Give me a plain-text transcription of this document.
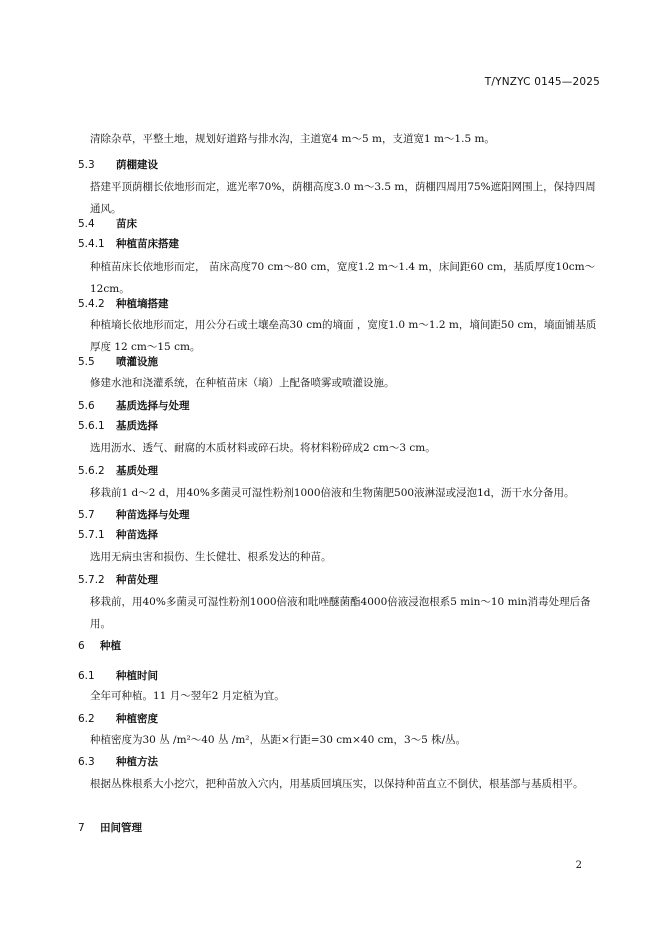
T/YNZYC 0145—2025
清除杂草，平整土地，规划好道路与排水沟，主道宽4 m～5 m，支道宽1 m～1.5 m。
5.3 荫棚建设
搭建平顶荫棚长依地形而定，遮光率70%，荫棚高度3.0 m～3.5 m，荫棚四周用75%遮阳网围上，保持四周通风。
5.4 苗床
5.4.1 种植苗床搭建
种植苗床长依地形而定， 苗床高度70 cm～80 cm，宽度1.2 m～1.4 m，床间距60 cm，基质厚度10cm～12cm。
5.4.2 种植墒搭建
种植墒长依地形而定，用公分石或土壤垒高30 cm的墒面 ，宽度1.0 m～1.2 m，墒间距50 cm，墒面铺基质厚度 12 cm～15 cm。
5.5 喷灌设施
修建水池和浇灌系统，在种植苗床（墒）上配备喷雾或喷灌设施。
5.6 基质选择与处理
5.6.1 基质选择
选用沥水、透气、耐腐的木质材料或碎石块。将材料粉碎成2 cm～3 cm。
5.6.2 基质处理
移栽前1 d～2 d，用40%多菌灵可湿性粉剂1000倍液和生物菌肥500液淋湿或浸泡1d，沥干水分备用。
5.7 种苗选择与处理
5.7.1 种苗选择
选用无病虫害和损伤、生长健壮、根系发达的种苗。
5.7.2 种苗处理
移栽前，用40%多菌灵可湿性粉剂1000倍液和吡唑醚菌酯4000倍液浸泡根系5 min～10 min消毒处理后备用。
6 种植
6.1 种植时间
全年可种植。11 月～翌年2 月定植为宜。
6.2 种植密度
种植密度为30 丛 /m²～40 丛 /m²，丛距×行距=30 cm×40 cm，3～5 株/丛。
6.3 种植方法
根据丛株根系大小挖穴，把种苗放入穴内，用基质回填压实，以保持种苗直立不倒伏，根基部与基质相平。
7 田间管理
2
